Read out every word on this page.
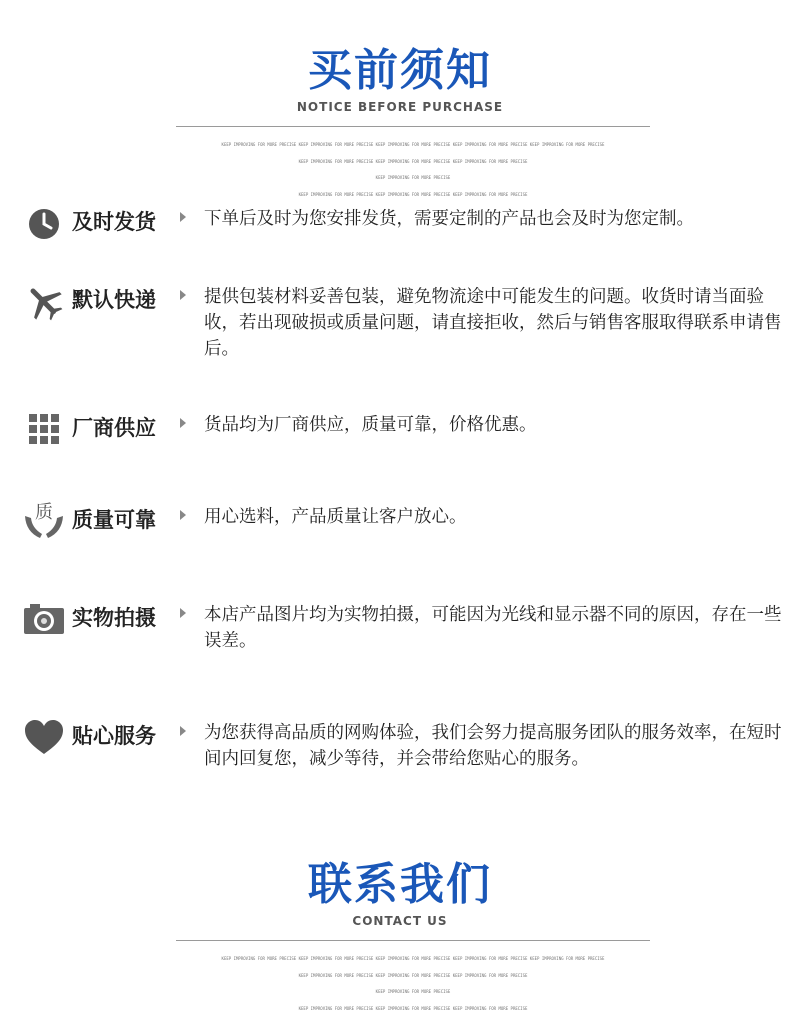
买前须知
NOTICE BEFORE PURCHASE

KEEP IMPROVING FOR MORE PRECISE KEEP IMPROVING FOR MORE PRECISE KEEP IMPROVING FOR MORE PRECISE KEEP IMPROVING FOR MORE PRECISE KEEP IMPROVING FOR MORE PRECISE

KEEP IMPROVING FOR MORE PRECISE KEEP IMPROVING FOR MORE PRECISE KEEP IMPROVING FOR MORE PRECISE

KEEP IMPROVING FOR MORE PRECISE

KEEP IMPROVING FOR MORE PRECISE KEEP IMPROVING FOR MORE PRECISE KEEP IMPROVING FOR MORE PRECISE

及时发货	下单后及时为您安排发货，需要定制的产品也会及时为您定制。
默认快递	提供包装材料妥善包装，避免物流途中可能发生的问题。收货时请当面验收，若出现破损或质量问题，请直接拒收，然后与销售客服取得联系申请售后。
厂商供应	货品均为厂商供应，质量可靠，价格优惠。
质 质量可靠	用心选料，产品质量让客户放心。
实物拍摄	本店产品图片均为实物拍摄，可能因为光线和显示器不同的原因，存在一些误差。
贴心服务	为您获得高品质的网购体验，我们会努力提高服务团队的服务效率，在短时间内回复您，减少等待，并会带给您贴心的服务。
联系我们
CONTACT US

KEEP IMPROVING FOR MORE PRECISE KEEP IMPROVING FOR MORE PRECISE KEEP IMPROVING FOR MORE PRECISE KEEP IMPROVING FOR MORE PRECISE KEEP IMPROVING FOR MORE PRECISE

KEEP IMPROVING FOR MORE PRECISE KEEP IMPROVING FOR MORE PRECISE KEEP IMPROVING FOR MORE PRECISE

KEEP IMPROVING FOR MORE PRECISE

KEEP IMPROVING FOR MORE PRECISE KEEP IMPROVING FOR MORE PRECISE KEEP IMPROVING FOR MORE PRECISE
